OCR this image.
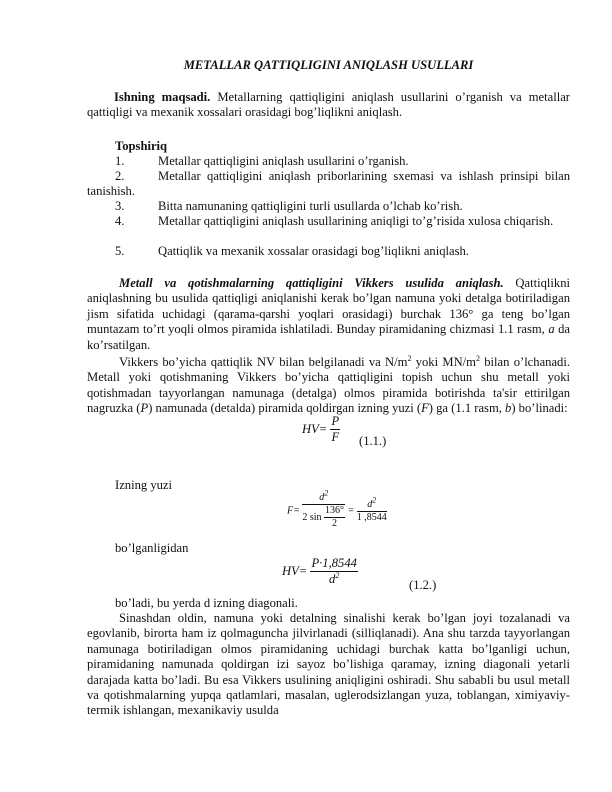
METALLAR QATTIQLIGINI ANIQLASH USULLARI

Ishning maqsadi. Metallarning qattiqligini aniqlash usullarini o’rganish va metallar qattiqligi va mexanik xossalari orasidagi bog’liqlikni aniqlash.

Topshiriq
1.	Metallar qattiqligini aniqlash usullarini o’rganish.
2.	Metallar qattiqligini aniqlash priborlarining sxemasi va ishlash prinsipi bilan tanishish.
3.	Bitta namunaning qattiqligini turli usullarda o’lchab ko’rish.
4.	Metallar qattiqligini aniqlash usullarining aniqligi to’g’risida xulosa chiqarish.
5.	Qattiqlik va mexanik xossalar orasidagi bog’liqlikni aniqlash.

Metall va qotishmalarning qattiqligini Vikkers usulida aniqlash. Qattiqlikni aniqlashning bu usulida qattiqligi aniqlanishi kerak bo’lgan namuna yoki detalga botiriladigan jism sifatida uchidagi (qarama-qarshi yoqlari orasidagi) burchak 136° ga teng bo’lgan muntazam to’rt yoqli olmos piramida ishlatiladi. Bunday piramidaning chizmasi 1.1 rasm, a da ko’rsatilgan.

Vikkers bo’yicha qattiqlik NV bilan belgilanadi va $N/m^2$ yoki $MN/m^2$ bilan o’lchanadi. Metall yoki qotishmaning Vikkers bo’yicha qattiqligini topish uchun shu metall yoki qotishmadan tayyorlangan namunaga (detalga) olmos piramida botirishda ta'sir ettirilgan nagruzka (P) namunada (detalda) piramida qoldirgan izning yuzi (F) ga (1.1 rasm, b) bo’linadi:

$HV= \frac{P}{F} (1.1.)$
Izning yuzi
$F= \frac{d^2}{2 \sin \frac{136^\circ}{2}} = \frac{d^2}{1 ,8544}$
bo’lganligidan
$HV= \frac{P\cdot 1,8544}{d^2}$	(1.2.)
bo’ladi, bu yerda d izning diagonali.

Sinashdan oldin, namuna yoki detalning sinalishi kerak bo’lgan joyi tozalanadi va egovlanib, birorta ham iz qolmaguncha jilvirlanadi (silliqlanadi). Ana shu tarzda tayyorlangan namunaga botiriladigan olmos piramidaning uchidagi burchak katta bo’lganligi uchun, piramidaning namunada qoldirgan izi sayoz bo’lishiga qaramay, izning diagonali yetarli darajada katta bo’ladi. Bu esa Vikkers usulining aniqligini oshiradi. Shu sababli bu usul metall va qotishmalarning yupqa qatlamlari, masalan, uglerodsizlangan yuza, toblangan, ximiyaviy-termik ishlangan, mexanikaviy usulda
